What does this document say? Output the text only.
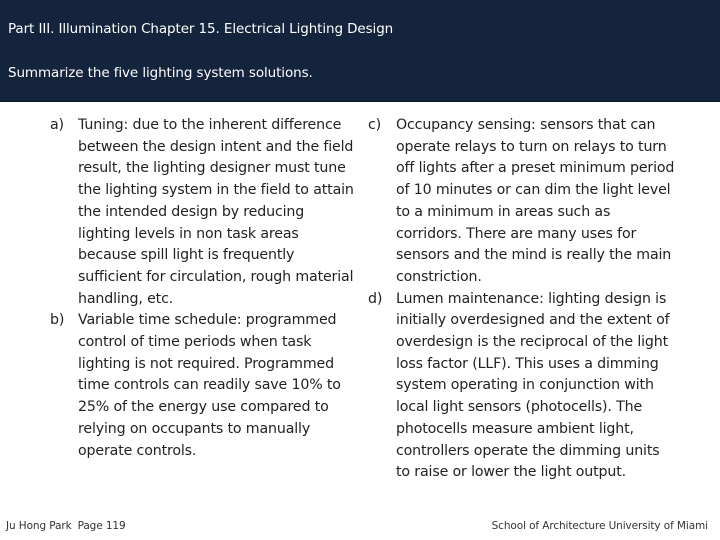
Part III. Illumination Chapter 15. Electrical Lighting Design
Summarize the five lighting system solutions.
a) Tuning: due to the inherent difference between the design intent and the field result, the lighting designer must tune the lighting system in the field to attain the intended design by reducing lighting levels in non task areas because spill light is frequently sufficient for circulation, rough material handling, etc.
b) Variable time schedule: programmed control of time periods when task lighting is not required. Programmed time controls can readily save 10% to 25% of the energy use compared to relying on occupants to manually operate controls.
c)	Occupancy sensing: sensors that can operate relays to turn on relays to turn off lights after a preset minimum period of 10 minutes or can dim the light level to a minimum in areas such as corridors. There are many uses for sensors and the mind is really the main constriction.
d) Lumen maintenance: lighting design is initially overdesigned and the extent of overdesign is the reciprocal of the light loss factor (LLF). This uses a dimming system operating in conjunction with local light sensors (photocells). The photocells measure ambient light, controllers operate the dimming units to raise or lower the light output.
Ju Hong Park Page 119	School of Architecture University of Miami
